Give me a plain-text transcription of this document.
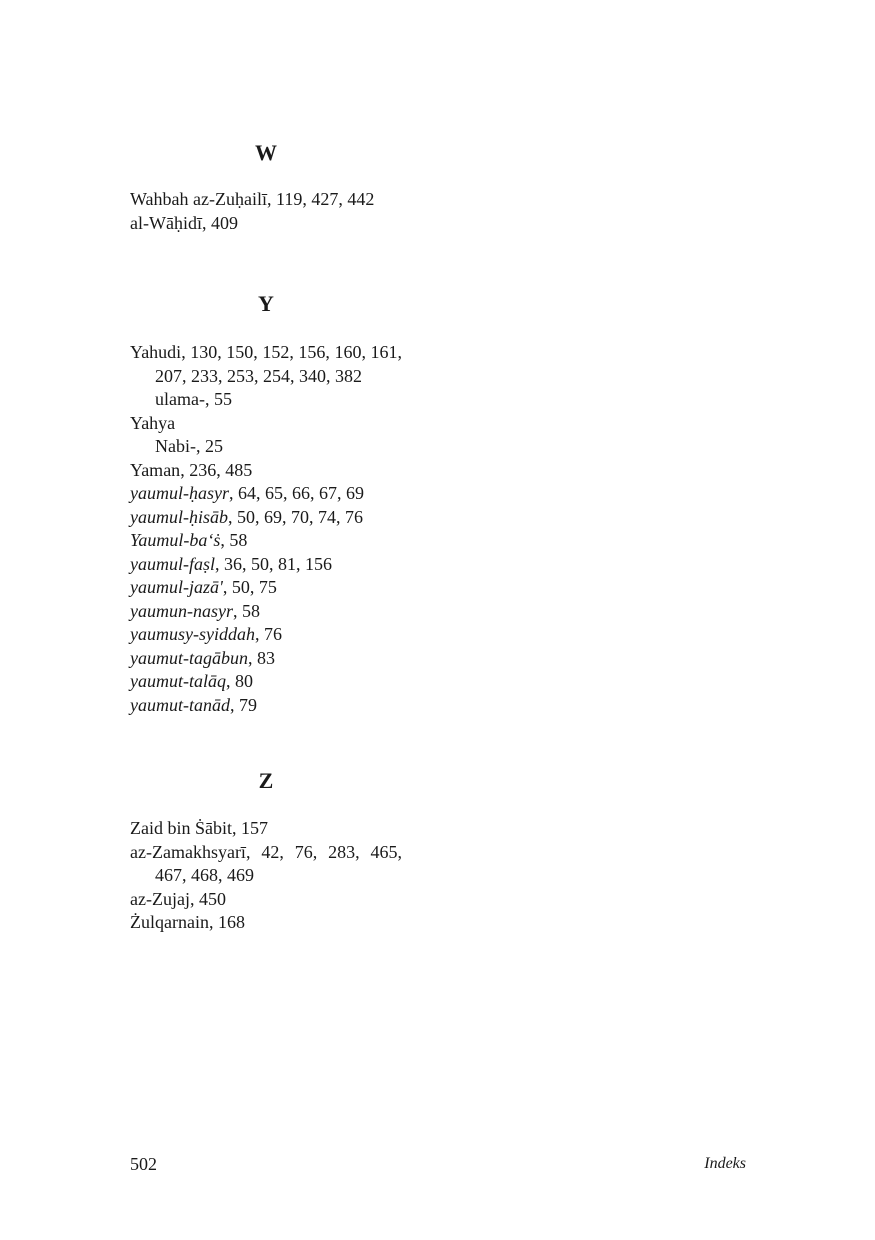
W

Wahbah az-Zuḥailī, 119, 427, 442

al-Wāḥidī, 409

Y

Yahudi, 130, 150, 152, 156, 160, 161, 207, 233, 253, 254, 340, 382

ulama-, 55

Yahya

Nabi-, 25

Yaman, 236, 485

yaumul-ḥasyr, 64, 65, 66, 67, 69

yaumul-ḥisāb, 50, 69, 70, 74, 76

Yaumul-ba‘ṡ, 58

yaumul-faṣl, 36, 50, 81, 156

yaumul-jazā', 50, 75

yaumun-nasyr, 58

yaumusy-syiddah, 76

yaumut-tagābun, 83

yaumut-talāq, 80

yaumut-tanād, 79

Z

Zaid bin Ṡābit, 157

az-Zamakhsyarī, 42, 76, 283, 465, 467, 468, 469

az-Zujaj, 450

Żulqarnain, 168

502	Indeks
